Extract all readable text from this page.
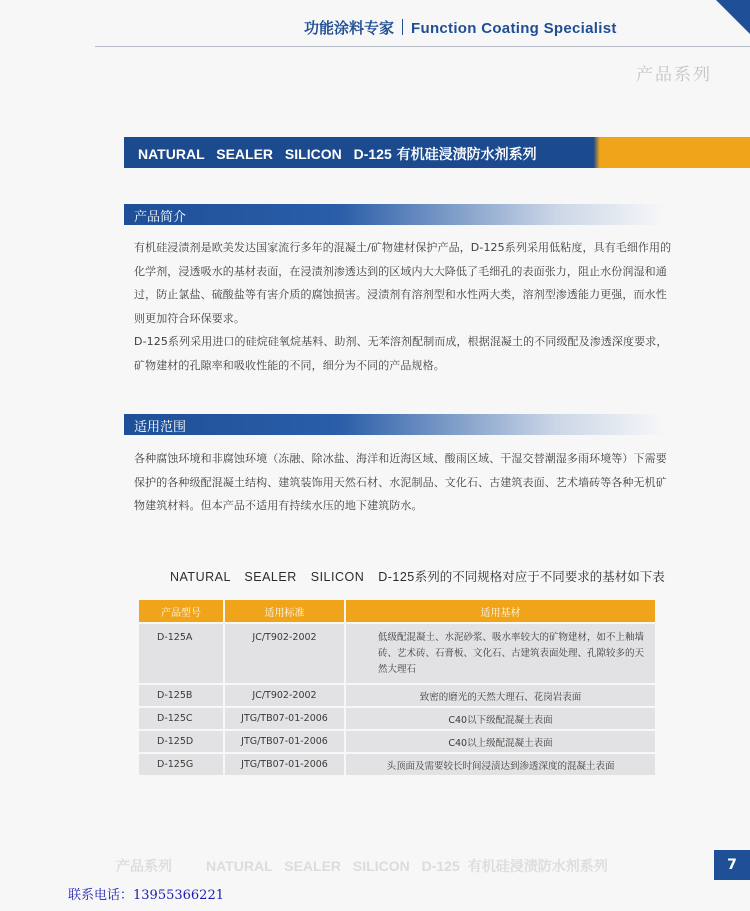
功能涂料专家 Function Coating Specialist
产品系列
NATURAL SEALER SILICON D-125 有机硅浸渍防水剂系列
产品简介

有机硅浸渍剂是欧美发达国家流行多年的混凝土/矿物建材保护产品，D-125系列采用低粘度，具有毛细作用的化学剂，浸透吸水的基材表面，在浸渍剂渗透达到的区域内大大降低了毛细孔的表面张力，阻止水份润湿和通过，防止氯盐、硫酸盐等有害介质的腐蚀损害。浸渍剂有溶剂型和水性两大类，溶剂型渗透能力更强，而水性则更加符合环保要求。

D-125系列采用进口的硅烷硅氧烷基料、助剂、无苯溶剂配制而成，根据混凝土的不同级配及渗透深度要求，矿物建材的孔隙率和吸收性能的不同，细分为不同的产品规格。

适用范围

各种腐蚀环境和非腐蚀环境（冻融、除冰盐、海洋和近海区域、酸雨区域、干湿交替潮湿多雨环境等）下需要保护的各种级配混凝土结构、建筑装饰用天然石材、水泥制品、文化石、古建筑表面、艺术墙砖等各种无机矿物建筑材料。但本产品不适用有持续水压的地下建筑防水。

NATURAL SEALER SILICON D-125系列的不同规格对应于不同要求的基材如下表
产品型号	适用标准	适用基材
D-125A	JC/T902-2002	低级配混凝土、水泥砂浆、吸水率较大的矿物建材，如不上釉墙砖、艺术砖、石膏板、文化石、古建筑表面处理、孔隙较多的天然大理石
D-125B	JC/T902-2002	致密的磨光的天然大理石、花岗岩表面
D-125C	JTG/TB07-01-2006	C40以下级配混凝土表面
D-125D	JTG/TB07-01-2006	C40以上级配混凝土表面
D-125G	JTG/TB07-01-2006	头顶面及需要较长时间浸渍达到渗透深度的混凝土表面
产品系列 NATURAL SEALER SILICON D-125 有机硅浸渍防水剂系列	7
联系电话：13955366221
